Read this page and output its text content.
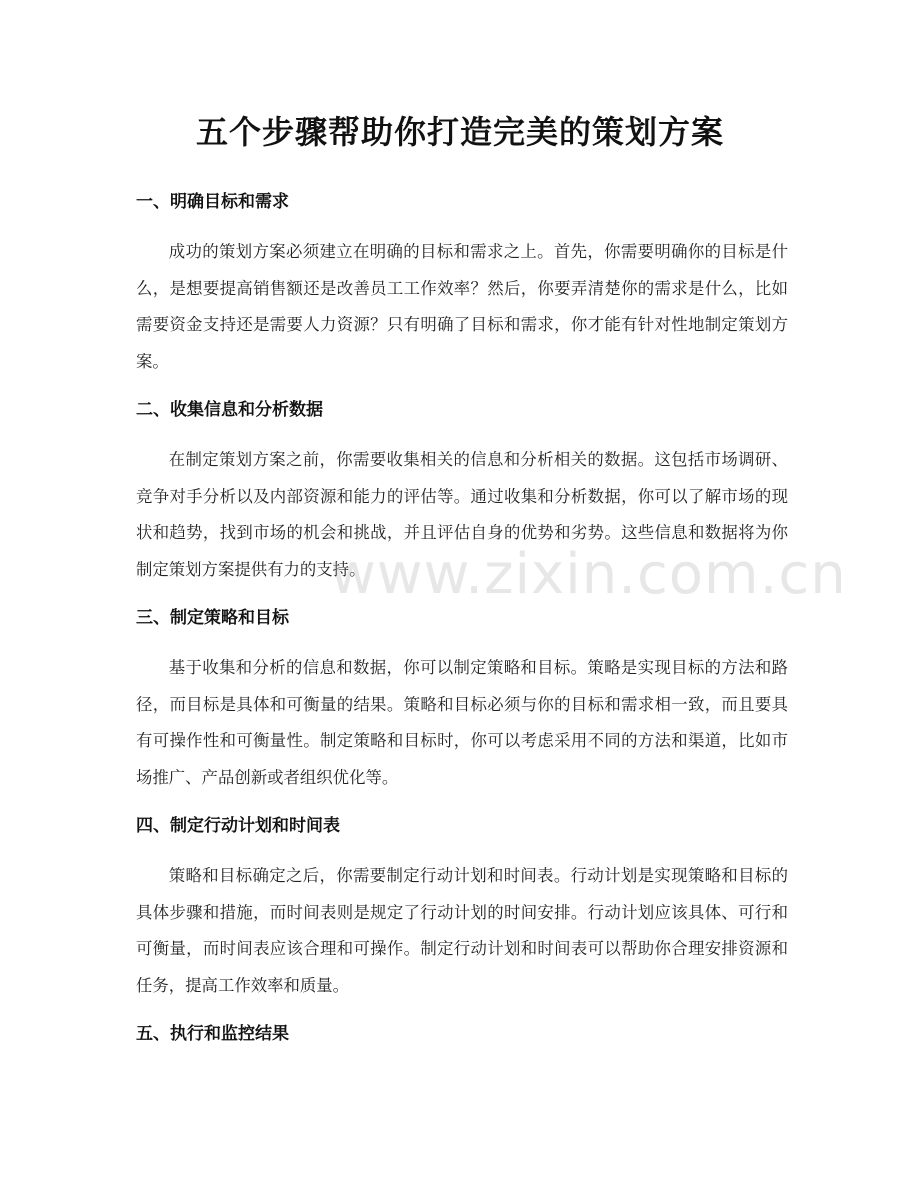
五个步骤帮助你打造完美的策划方案
一、明确目标和需求

成功的策划方案必须建立在明确的目标和需求之上。首先，你需要明确你的目标是什么，是想要提高销售额还是改善员工工作效率？然后，你要弄清楚你的需求是什么，比如需要资金支持还是需要人力资源？只有明确了目标和需求，你才能有针对性地制定策划方案。

二、收集信息和分析数据

在制定策划方案之前，你需要收集相关的信息和分析相关的数据。这包括市场调研、竞争对手分析以及内部资源和能力的评估等。通过收集和分析数据，你可以了解市场的现状和趋势，找到市场的机会和挑战，并且评估自身的优势和劣势。这些信息和数据将为你制定策划方案提供有力的支持。

三、制定策略和目标

基于收集和分析的信息和数据，你可以制定策略和目标。策略是实现目标的方法和路径，而目标是具体和可衡量的结果。策略和目标必须与你的目标和需求相一致，而且要具有可操作性和可衡量性。制定策略和目标时，你可以考虑采用不同的方法和渠道，比如市场推广、产品创新或者组织优化等。

四、制定行动计划和时间表

策略和目标确定之后，你需要制定行动计划和时间表。行动计划是实现策略和目标的具体步骤和措施，而时间表则是规定了行动计划的时间安排。行动计划应该具体、可行和可衡量，而时间表应该合理和可操作。制定行动计划和时间表可以帮助你合理安排资源和任务，提高工作效率和质量。

五、执行和监控结果
www.zixin.com.cn
